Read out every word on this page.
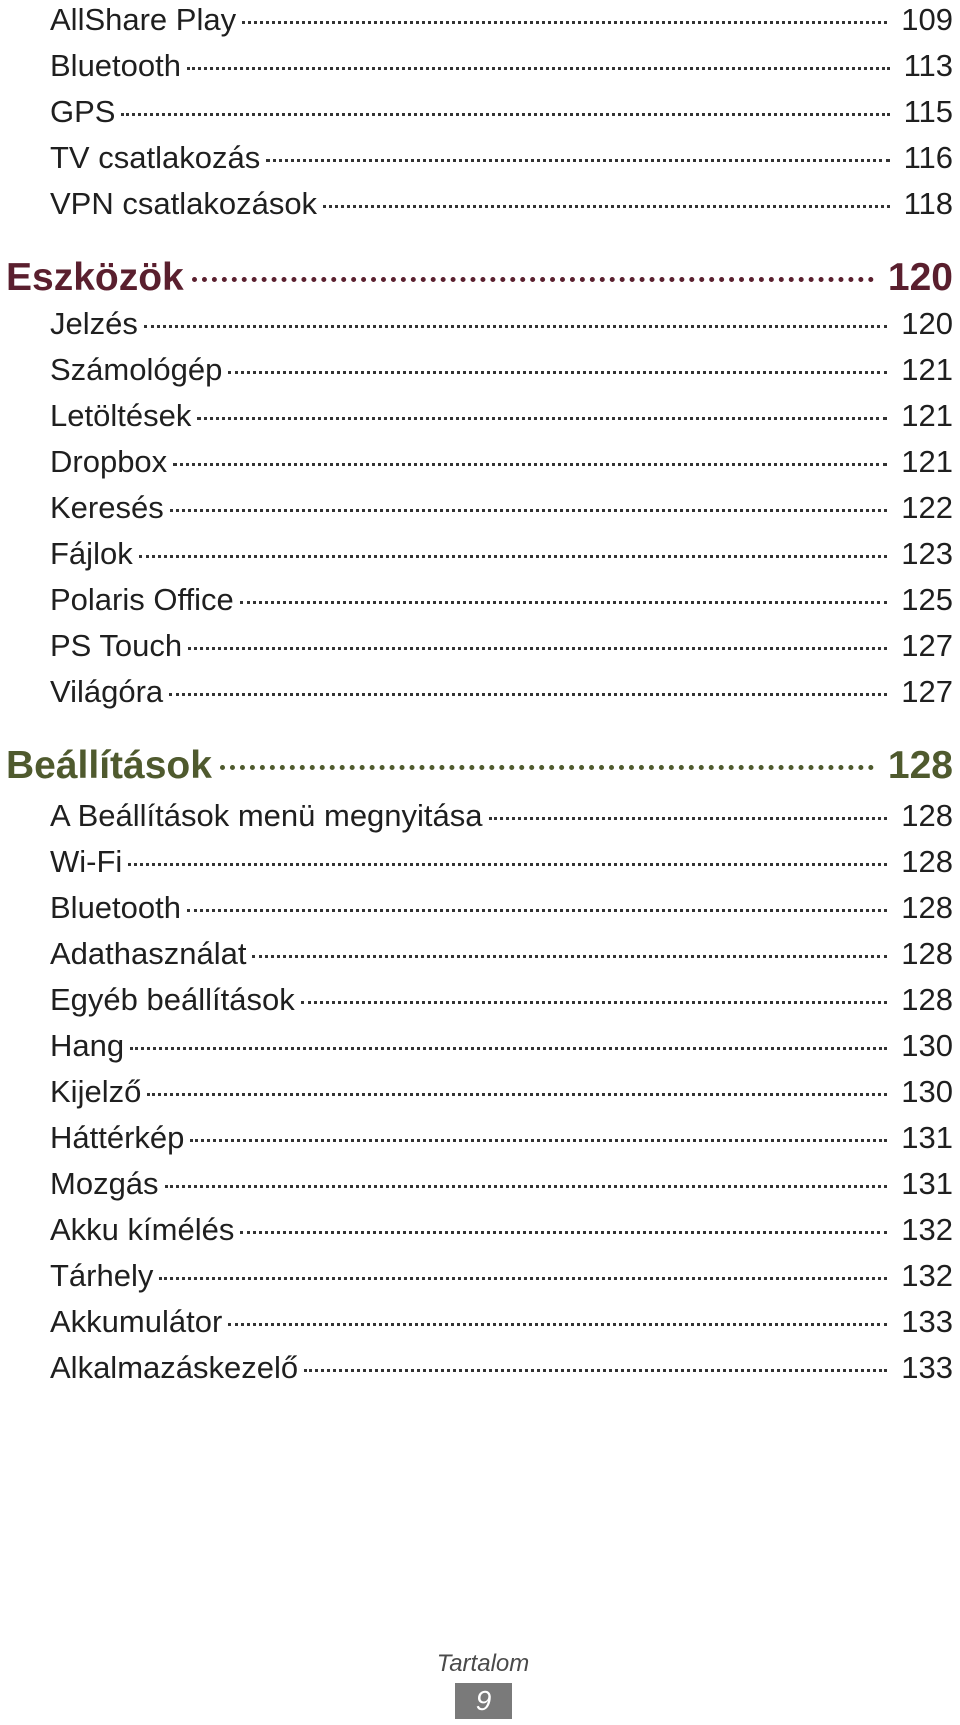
AllShare Play	109
Bluetooth	113
GPS	115
TV csatlakozás	116
VPN csatlakozások	118
Eszközök	120
Jelzés	120
Számológép	121
Letöltések	121
Dropbox	121
Keresés	122
Fájlok	123
Polaris Office	125
PS Touch	127
Világóra	127
Beállítások	128
A Beállítások menü megnyitása	128
Wi-Fi	128
Bluetooth	128
Adathasználat	128
Egyéb beállítások	128
Hang	130
Kijelző	130
Háttérkép	131
Mozgás	131
Akku kímélés	132
Tárhely	132
Akkumulátor	133
Alkalmazáskezelő	133
Tartalom
9
